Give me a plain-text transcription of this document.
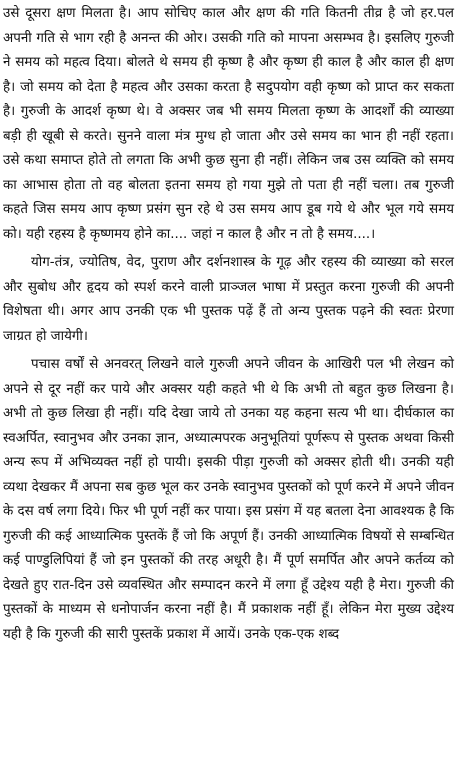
उसे दूसरा क्षण मिलता है। आप सोचिए काल और क्षण की गति कितनी तीव्र है जो हर.पल अपनी गति से भाग रही है अनन्त की ओर। उसकी गति को मापना असम्भव है। इसलिए गुरुजी ने समय को महत्व दिया। बोलते थे समय ही कृष्ण है और कृष्ण ही काल है और काल ही क्षण है। जो समय को देता है महत्व और उसका करता है सदुपयोग वही कृष्ण को प्राप्त कर सकता है। गुरुजी के आदर्श कृष्ण थे। वे अक्सर जब भी समय मिलता कृष्ण के आदर्शों की व्याख्या बड़ी ही खूबी से करते। सुनने वाला मंत्र मुग्ध हो जाता और उसे समय का भान ही नहीं रहता। उसे कथा समाप्त होते तो लगता कि अभी कुछ सुना ही नहीं। लेकिन जब उस व्यक्ति को समय का आभास होता तो वह बोलता इतना समय हो गया मुझे तो पता ही नहीं चला। तब गुरुजी कहते जिस समय आप कृष्ण प्रसंग सुन रहे थे उस समय आप डूब गये थे और भूल गये समय को। यही रहस्य है कृष्णमय होने का.... जहां न काल है और न तो है समय....।

योग-तंत्र, ज्योतिष, वेद, पुराण और दर्शनशास्त्र के गूढ़ और रहस्य की व्याख्या को सरल और सुबोध और हृदय को स्पर्श करने वाली प्राञ्जल भाषा में प्रस्तुत करना गुरुजी की अपनी विशेषता थी। अगर आप उनकी एक भी पुस्तक पढ़ें हैं तो अन्य पुस्तक पढ़ने की स्वतः प्रेरणा जाग्रत हो जायेगी।

पचास वर्षों से अनवरत् लिखने वाले गुरुजी अपने जीवन के आखिरी पल भी लेखन को अपने से दूर नहीं कर पाये और अक्सर यही कहते भी थे कि अभी तो बहुत कुछ लिखना है। अभी तो कुछ लिखा ही नहीं। यदि देखा जाये तो उनका यह कहना सत्य भी था। दीर्घकाल का स्वअर्पित, स्वानुभव और उनका ज्ञान, अध्यात्मपरक अनुभूतियां पूर्णरूप से पुस्तक अथवा किसी अन्य रूप में अभिव्यक्त नहीं हो पायी। इसकी पीड़ा गुरुजी को अक्सर होती थी। उनकी यही व्यथा देखकर मैं अपना सब कुछ भूल कर उनके स्वानुभव पुस्तकों को पूर्ण करने में अपने जीवन के दस वर्ष लगा दिये। फिर भी पूर्ण नहीं कर पाया। इस प्रसंग में यह बतला देना आवश्यक है कि गुरुजी की कई आध्यात्मिक पुस्तकें हैं जो कि अपूर्ण हैं। उनकी आध्यात्मिक विषयों से सम्बन्धित कई पाण्डुलिपियां हैं जो इन पुस्तकों की तरह अधूरी है। मैं पूर्ण समर्पित और अपने कर्तव्य को देखते हुए रात-दिन उसे व्यवस्थित और सम्पादन करने में लगा हूँ उद्देश्य यही है मेरा। गुरुजी की पुस्तकों के माध्यम से धनोपार्जन करना नहीं है। मैं प्रकाशक नहीं हूँ। लेकिन मेरा मुख्य उद्देश्य यही है कि गुरुजी की सारी पुस्तकें प्रकाश में आयें। उनके एक-एक शब्द
